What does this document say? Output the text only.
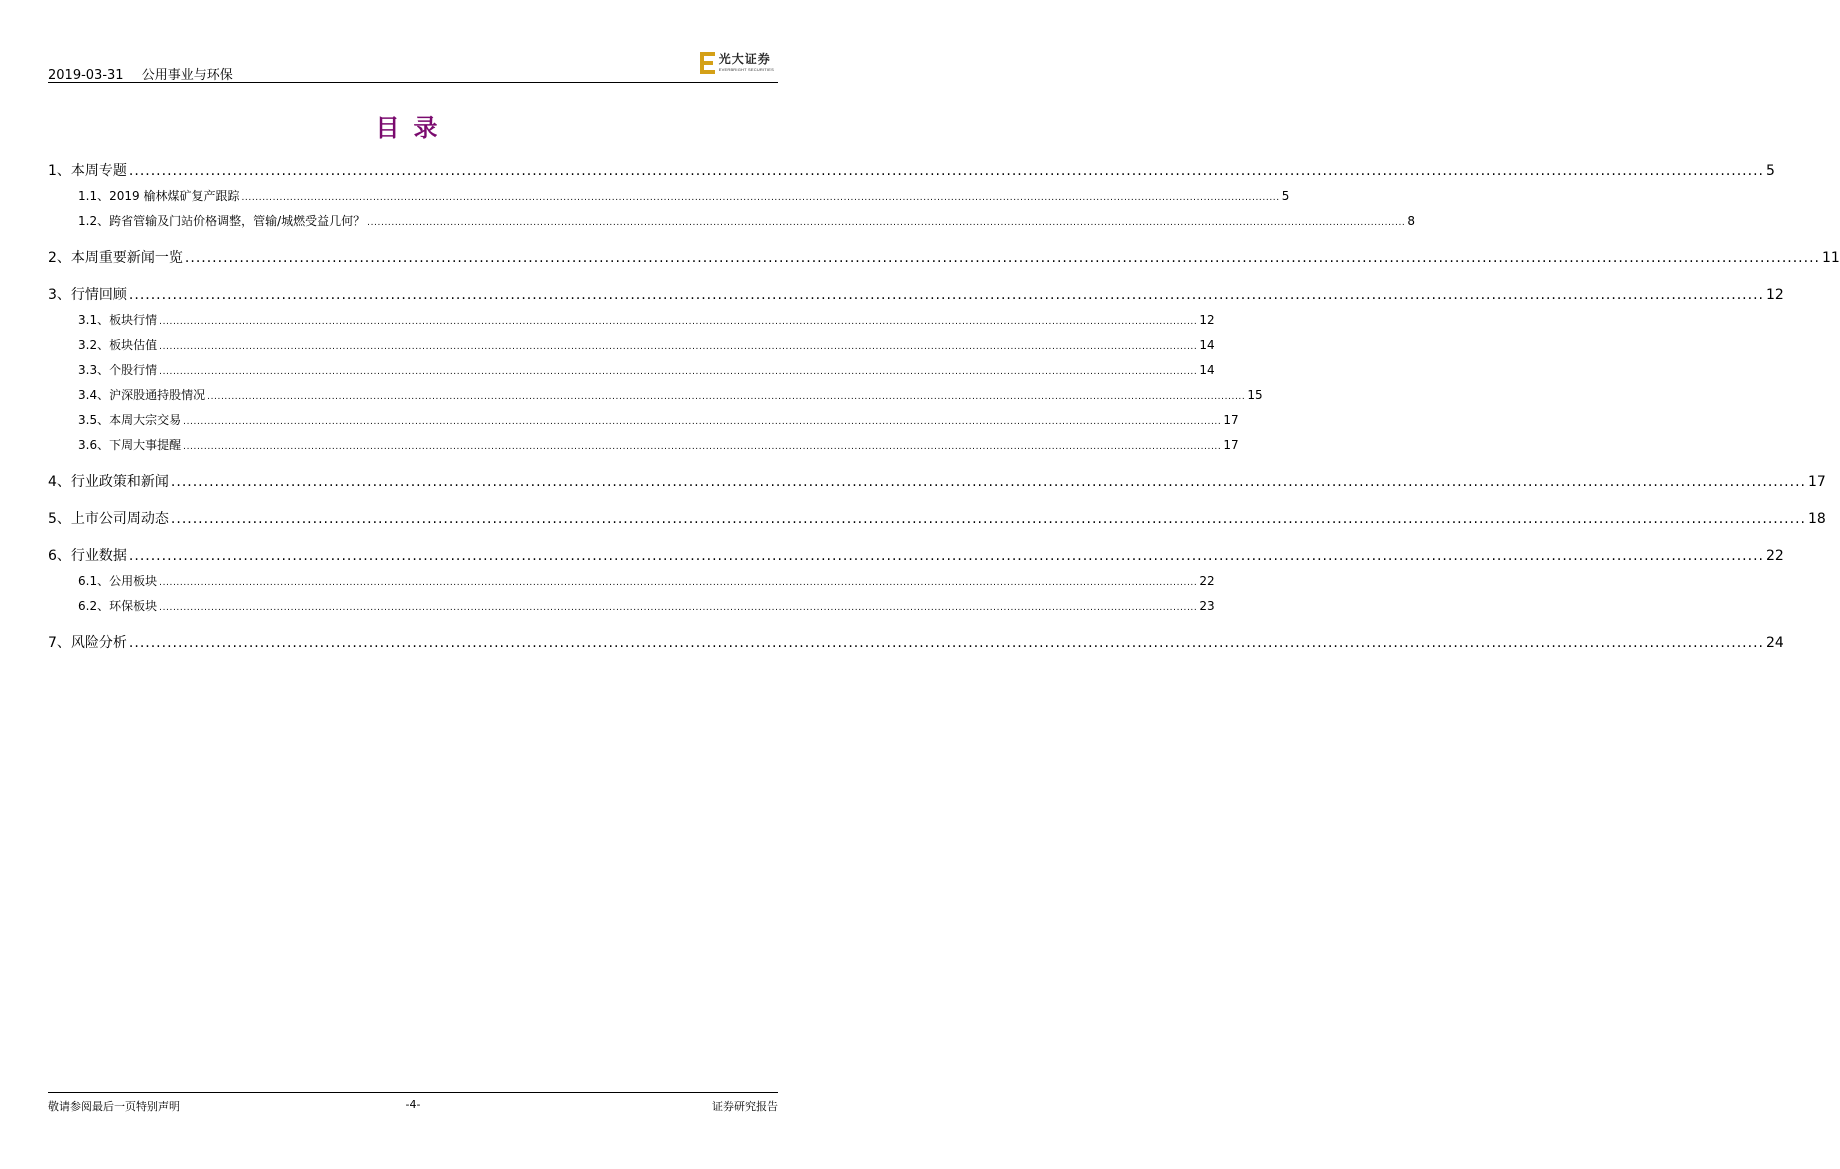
2019-03-31 公用事业与环保
光大证券
EVERBRIGHT SECURITIES
目录
1、 本周专题 ............................................................................................................................................................................................................................................................................................................ 5
1.1、 2019 榆林煤矿复产跟踪 ............................................................................................................................................................................................................................................................................................................ 5
1.2、 跨省管输及门站价格调整，管输/城燃受益几何？ ............................................................................................................................................................................................................................................................................................................ 8
2、 本周重要新闻一览 ............................................................................................................................................................................................................................................................................................................ 11
3、 行情回顾 ............................................................................................................................................................................................................................................................................................................ 12
3.1、 板块行情 ............................................................................................................................................................................................................................................................................................................ 12
3.2、 板块估值 ............................................................................................................................................................................................................................................................................................................ 14
3.3、 个股行情 ............................................................................................................................................................................................................................................................................................................ 14
3.4、 沪深股通持股情况 ............................................................................................................................................................................................................................................................................................................ 15
3.5、 本周大宗交易 ............................................................................................................................................................................................................................................................................................................ 17
3.6、 下周大事提醒 ............................................................................................................................................................................................................................................................................................................ 17
4、 行业政策和新闻 ............................................................................................................................................................................................................................................................................................................ 17
5、 上市公司周动态 ............................................................................................................................................................................................................................................................................................................ 18
6、 行业数据 ............................................................................................................................................................................................................................................................................................................ 22
6.1、 公用板块 ............................................................................................................................................................................................................................................................................................................ 22
6.2、 环保板块 ............................................................................................................................................................................................................................................................................................................ 23
7、 风险分析 ............................................................................................................................................................................................................................................................................................................ 24
敬请参阅最后一页特别声明	-4-	证券研究报告
